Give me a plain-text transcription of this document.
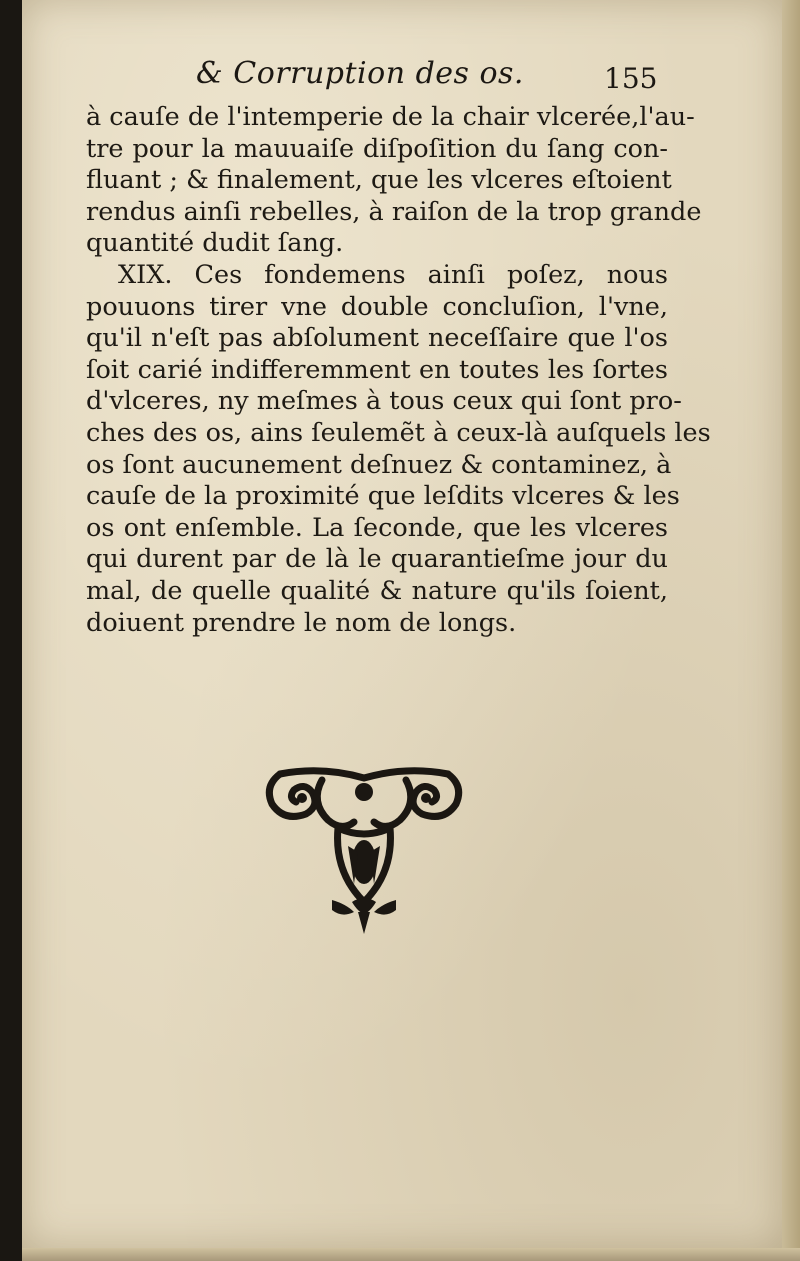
& Corruption des os.	155
à cauſe de l'intemperie de la chair vlcerée,l'au-
tre pour la mauuaiſe diſpoſition du ſang con-
fluant ; & finalement, que les vlceres eſtoient
rendus ainſi rebelles, à raiſon de la trop grande
quantité dudit ſang.
XIX. Ces fondemens ainſi poſez, nous
pouuons tirer vne double concluſion, l'vne,
qu'il n'eſt pas abſolument neceſſaire que l'os
ſoit carié indifferemment en toutes les ſortes
d'vlceres, ny meſmes à tous ceux qui ſont pro-
ches des os, ains ſeulemẽt à ceux-là auſquels les
os ſont aucunement deſnuez & contaminez, à
cauſe de la proximité que leſdits vlceres & les
os ont enſemble. La ſeconde, que les vlceres
qui durent par de là le quarantieſme jour du
mal, de quelle qualité & nature qu'ils ſoient,
doiuent prendre le nom de longs.
